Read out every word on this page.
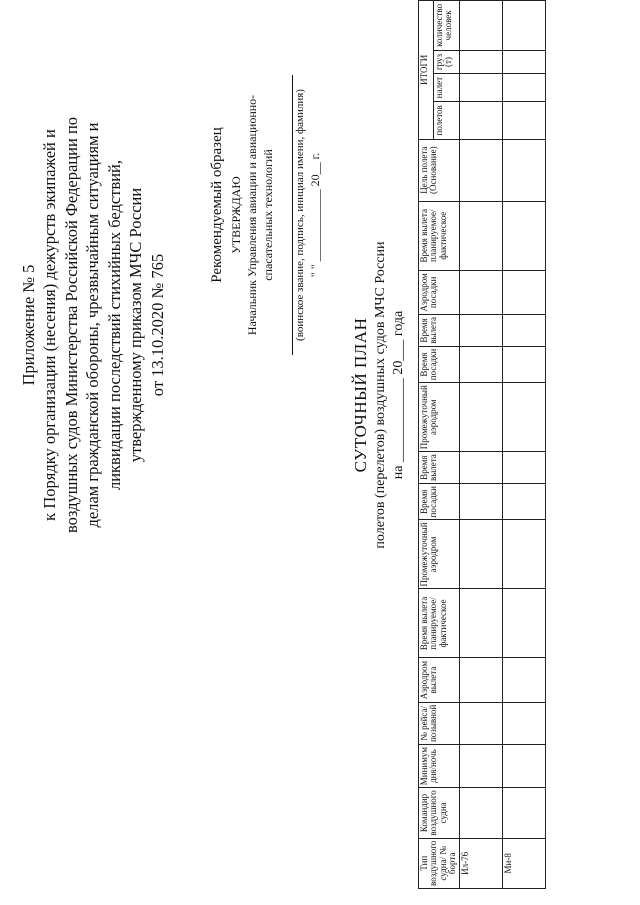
Приложение № 5 к Порядку организации (несения) дежурств экипажей и воздушных судов Министерства Российской Федерации по делам гражданской обороны, чрезвычайным ситуациям и ликвидации последствий стихийных бедствий, утвержденному приказом МЧС России от 13.10.2020 № 765
Рекомендуемый образец УТВЕРЖДАЮ Начальник Управления авиации и авиационно- спасательных технологий (воинское звание, подпись, инициал имени, фамилия) " " ____________ 20__ г.
СУТОЧНЫЙ ПЛАН полетов (перелетов) воздушных судов МЧС России на ____________ 20___ года
Тип воздушного судна/ № борта	Командир воздушного судна	Минимум дня/ночь	№ рейса/ позывной	Аэродром вылета	Время вылета планируемое/ фактическое	Промежуточный аэродром	Время посадки	Время вылета	Промежуточный аэродром	Время посадки	Время вылета	Аэродром посадки	Время вылета планируемое/ фактическое	Цель полета (Основание)	ИТОГИ			
															полетов	налет	груз (т)	количество человек
Ил-76																		
Ми-8																		
